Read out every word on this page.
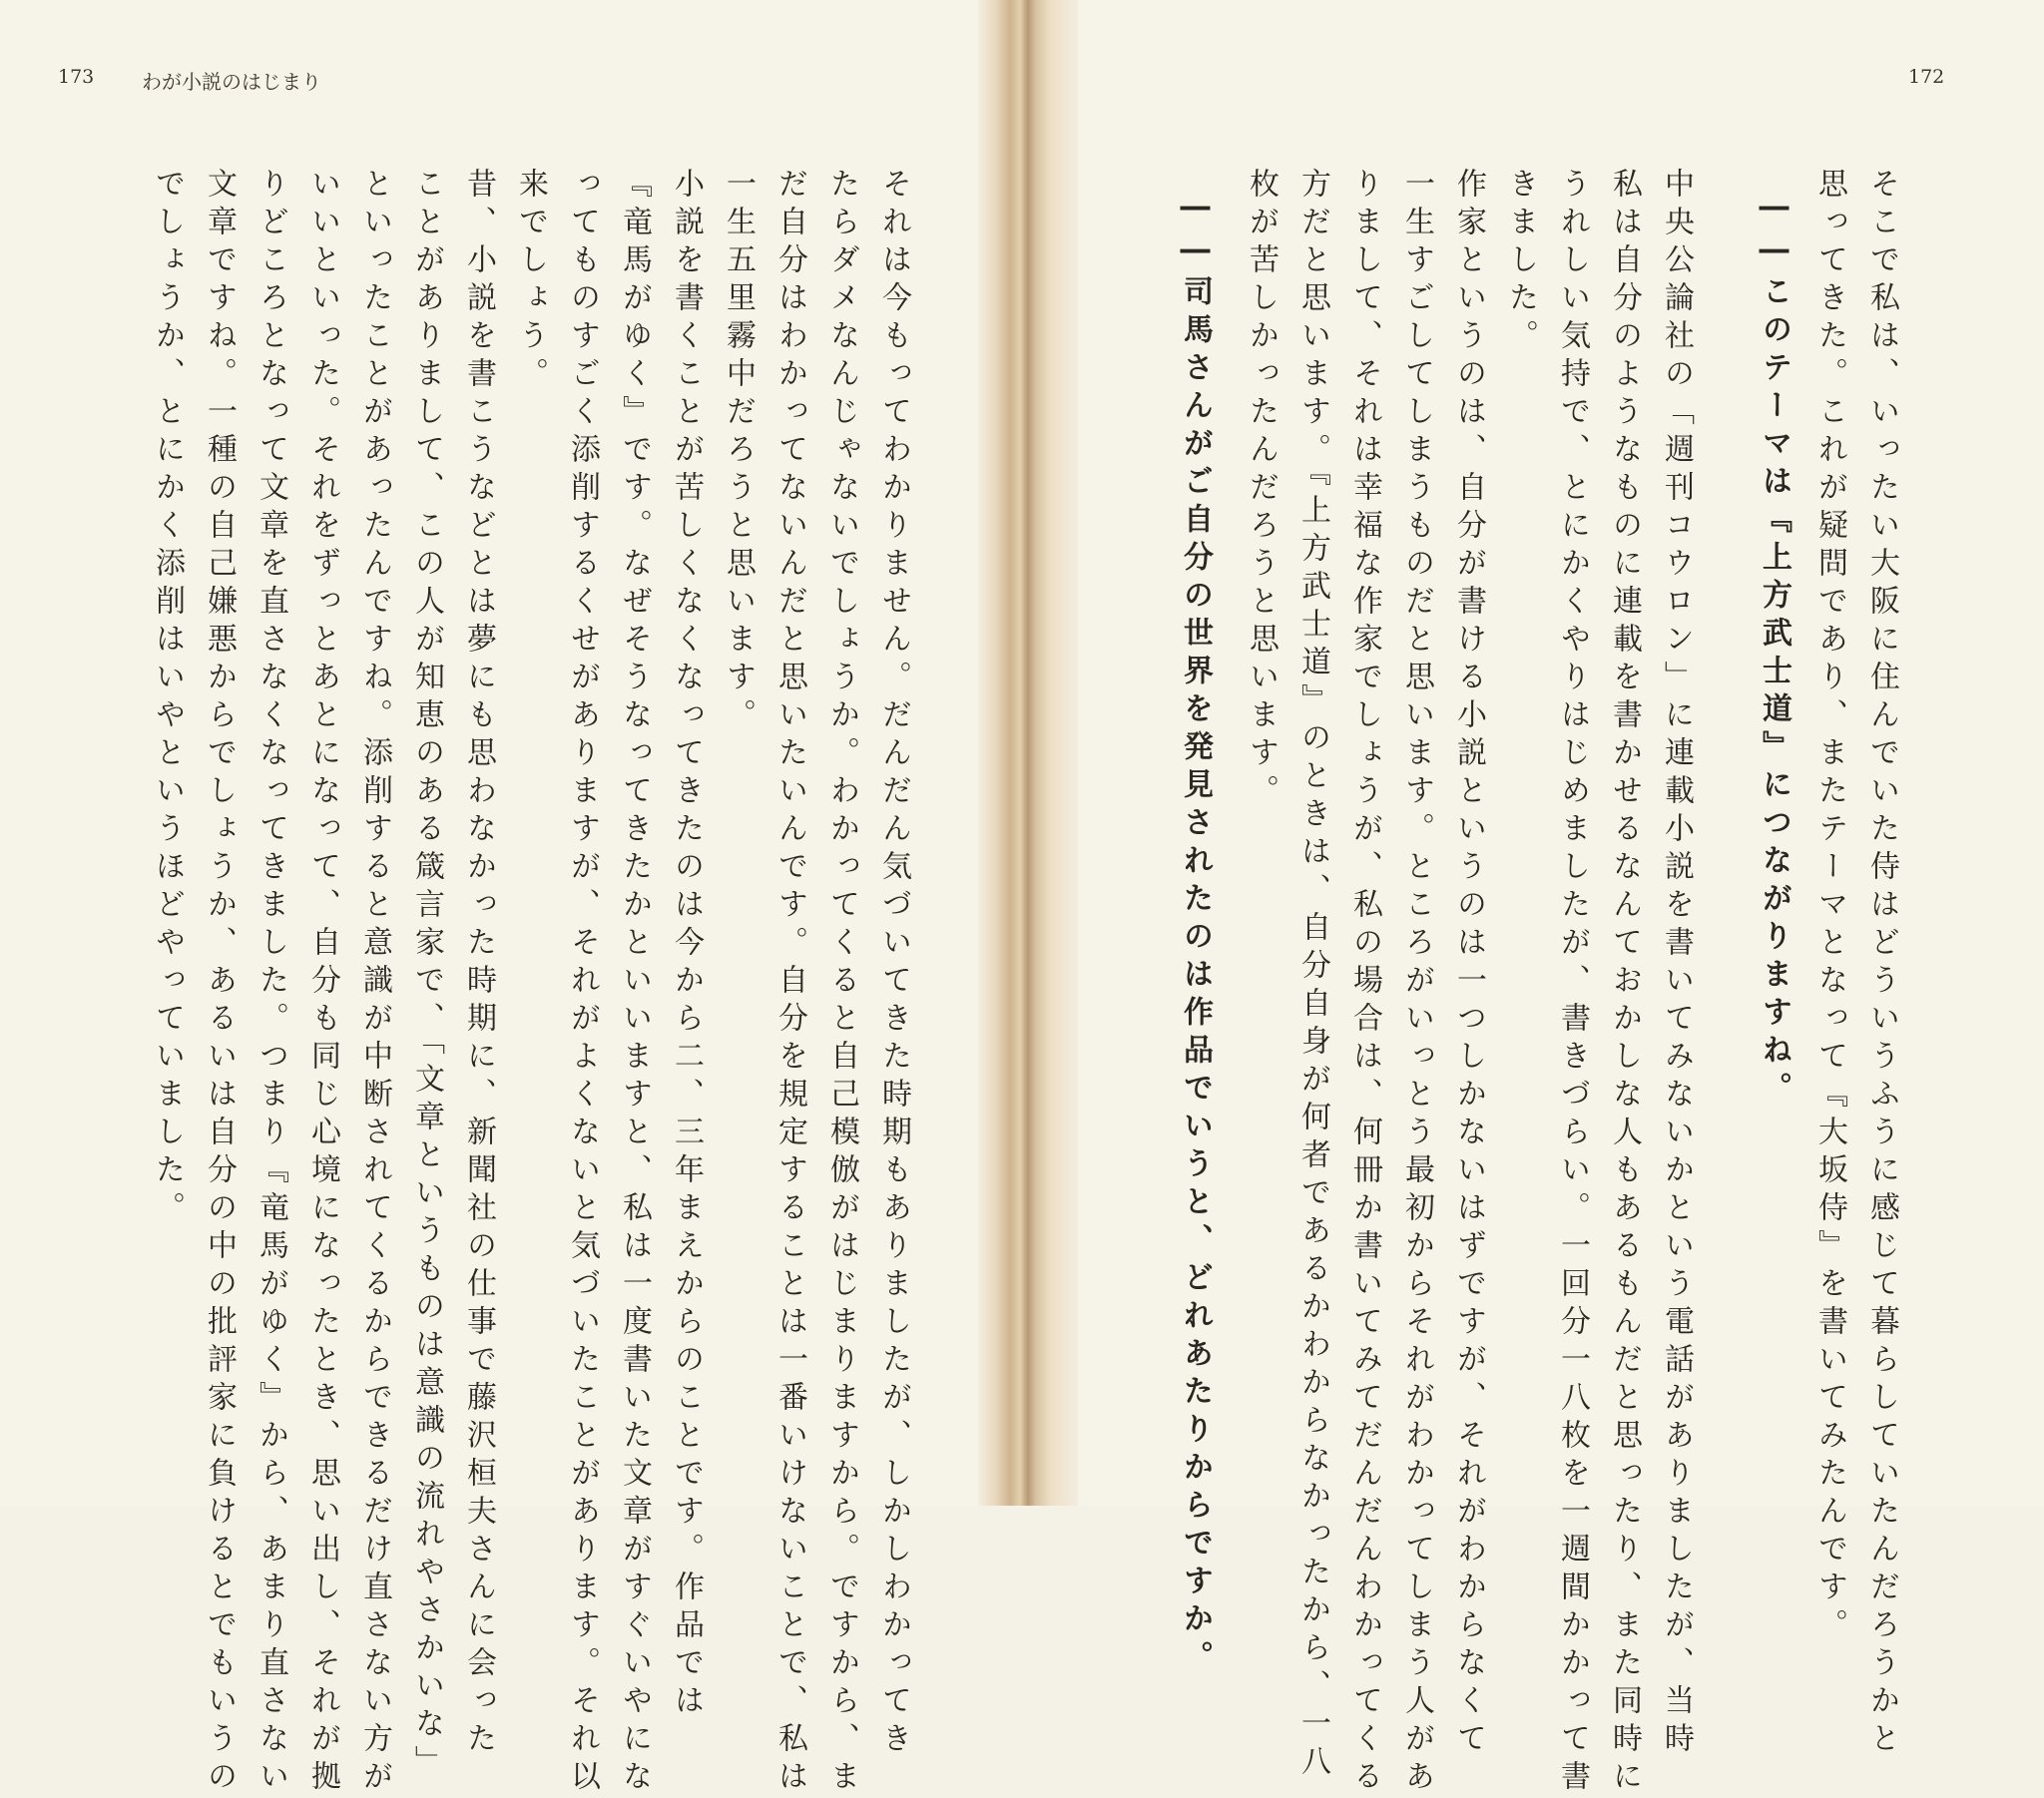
173 わが小説のはじまり	172
そこで私は、いったい大阪に住んでいた侍はどういうふうに感じて暮らしていたんだろうかと
思ってきた。これが疑問であり、またテーマとなって『大坂侍』を書いてみたんです。
――このテーマは『上方武士道』につながりますね。
中央公論社の「週刊コウロン」に連載小説を書いてみないかという電話がありましたが、当時
私は自分のようなものに連載を書かせるなんておかしな人もあるもんだと思ったり、また同時に
うれしい気持で、とにかくやりはじめましたが、書きづらい。一回分一八枚を一週間かかって書
きました。
作家というのは、自分が書ける小説というのは一つしかないはずですが、それがわからなくて
一生すごしてしまうものだと思います。ところがいっとう最初からそれがわかってしまう人があ
りまして、それは幸福な作家でしょうが、私の場合は、何冊か書いてみてだんだんわかってくる
方だと思います。『上方武士道』のときは、自分自身が何者であるかわからなかったから、一八
枚が苦しかったんだろうと思います。
――司馬さんがご自分の世界を発見されたのは作品でいうと、どれあたりからですか。
それは今もってわかりません。だんだん気づいてきた時期もありましたが、しかしわかってき
たらダメなんじゃないでしょうか。わかってくると自己模倣がはじまりますから。ですから、ま
だ自分はわかってないんだと思いたいんです。自分を規定することは一番いけないことで、私は
一生五里霧中だろうと思います。
小説を書くことが苦しくなくなってきたのは今から二、三年まえからのことです。作品では
『竜馬がゆく』です。なぜそうなってきたかといいますと、私は一度書いた文章がすぐいやにな
ってものすごく添削するくせがありますが、それがよくないと気づいたことがあります。それ以
来でしょう。
昔、小説を書こうなどとは夢にも思わなかった時期に、新聞社の仕事で藤沢桓夫さんに会った
ことがありまして、この人が知恵のある箴言家で、「文章というものは意識の流れやさかいな」
といったことがあったんですね。添削すると意識が中断されてくるからできるだけ直さない方が
いいといった。それをずっとあとになって、自分も同じ心境になったとき、思い出し、それが拠
りどころとなって文章を直さなくなってきました。つまり『竜馬がゆく』から、あまり直さない
文章ですね。一種の自己嫌悪からでしょうか、あるいは自分の中の批評家に負けるとでもいうの
でしょうか、とにかく添削はいやというほどやっていました。
